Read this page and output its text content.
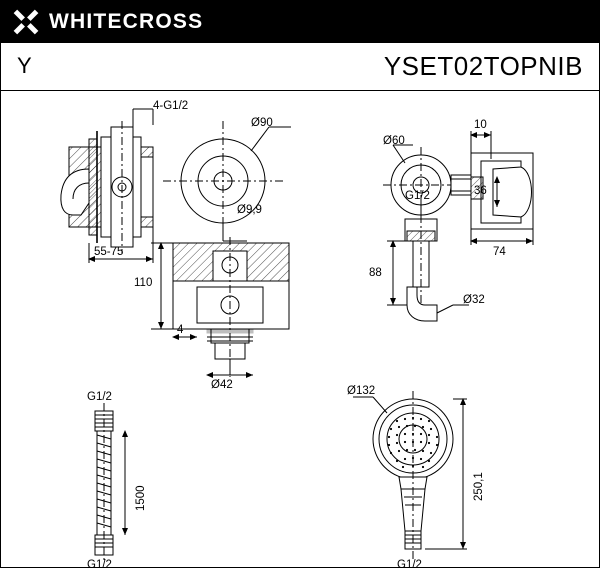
WHITECROSS
Y	YSET02TOPNIB
4-G1/2
Ø90
Ø9,9
55-75
110
4
Ø42
Ø60
G1/2
88
Ø32
10
36
74
G1/2
1500
G1/2
Ø132
250,1
G1/2
